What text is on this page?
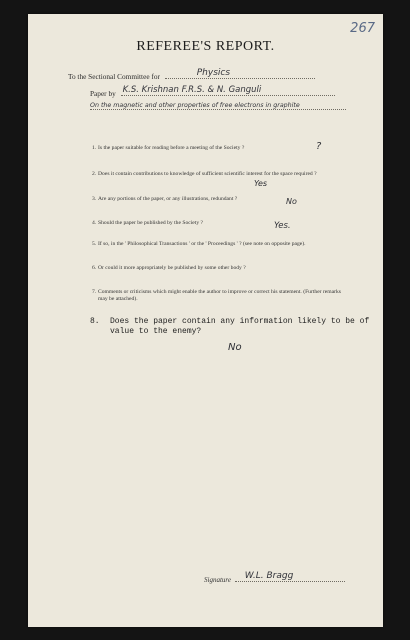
267
REFEREE'S REPORT.
To the Sectional Committee for	Physics
Paper by K.S. Krishnan F.R.S. & N. Ganguli
On the magnetic and other properties of free electrons in graphite
1. Is the paper suitable for reading before a meeting of the Society ?	?
2. Does it contain contributions to knowledge of sufficient scientific interest for the space required ?
Yes
3. Are any portions of the paper, or any illustrations, redundant ?	No
4. Should the paper be published by the Society ?	Yes.
5. If so, in the ' Philosophical Transactions ' or the ' Proceedings ' ? (see note on opposite page).
6. Or could it more appropriately be published by some other body ?
7. Comments or criticisms which might enable the author to improve or correct his statement. (Further remarks may be attached).
8.	Does the paper contain any information likely to be of value to the enemy?
No
Signature W.L. Bragg
